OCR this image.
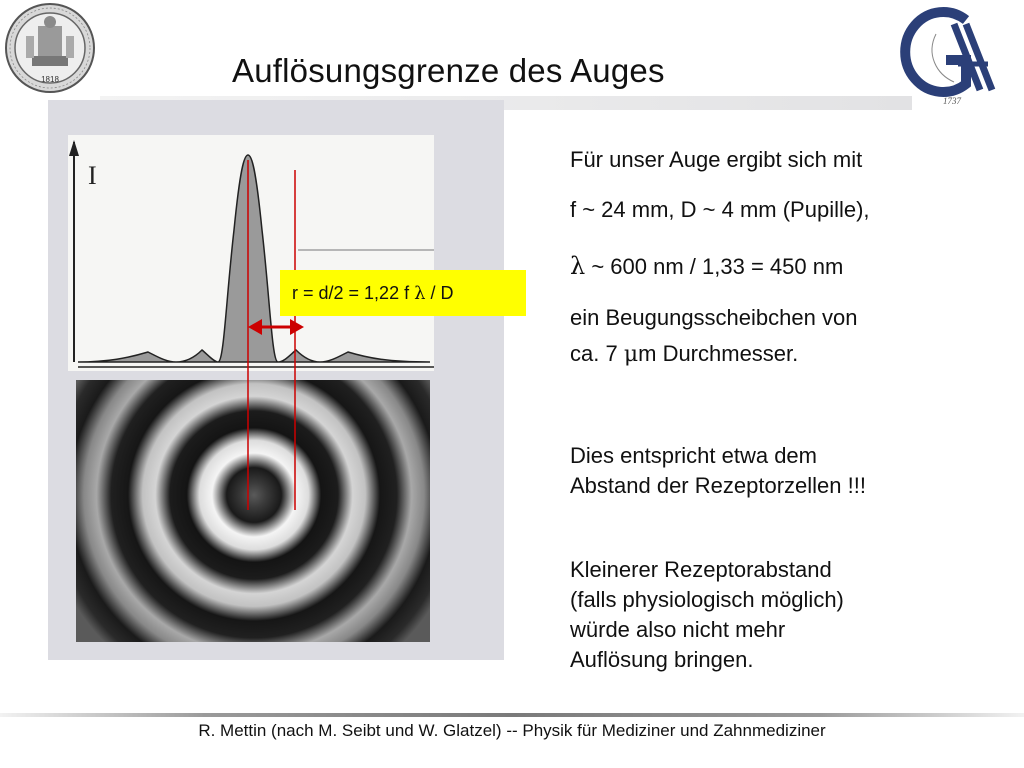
Auflösungsgrenze des Auges
1818
1737
I
r = d/2 = 1,22 f λ / D
Für unser Auge ergibt sich mit
f ~ 24 mm, D ~ 4 mm (Pupille),
λ ~ 600 nm / 1,33 = 450 nm
ein Beugungsscheibchen von
ca. 7 μm Durchmesser.
Dies entspricht etwa dem
Abstand der Rezeptorzellen !!!
Kleinerer Rezeptorabstand
(falls physiologisch möglich)
würde also nicht mehr
Auflösung bringen.
R. Mettin (nach M. Seibt und W. Glatzel) -- Physik für Mediziner und Zahnmediziner
